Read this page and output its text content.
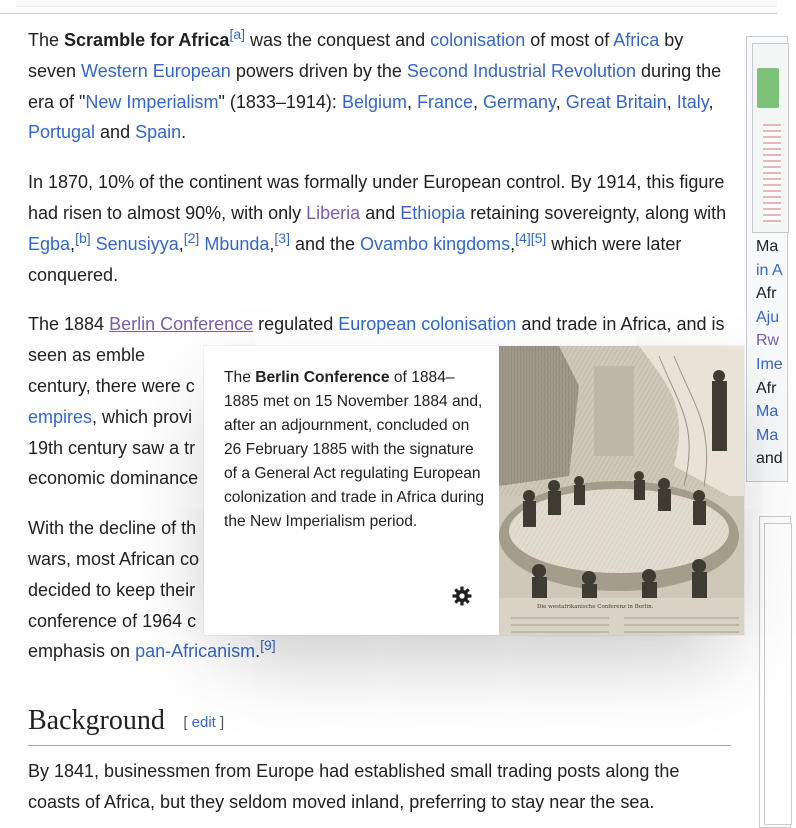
The Scramble for Africa[a] was the conquest and colonisation of most of Africa by seven Western European powers driven by the Second Industrial Revolution during the era of "New Imperialism" (1833–1914): Belgium, France, Germany, Great Britain, Italy, Portugal and Spain.

In 1870, 10% of the continent was formally under European control. By 1914, this figure had risen to almost 90%, with only Liberia and Ethiopia retaining sovereignty, along with Egba,[b] Senusiyya,[2] Mbunda,[3] and the Ovambo kingdoms,[4][5] which were later conquered.

The 1884 Berlin Conference regulated European colonisation and trade in Africa, and is seen as emble
century, there were c
empires, which provi
19th century saw a tr
economic dominance

With the decline of th
wars, most African co
decided to keep their
conference of 1964 c
emphasis on pan-Africanism.[9]

Background [ edit ]
By 1841, businessmen from Europe had established small trading posts along the coasts of Africa, but they seldom moved inland, preferring to stay near the sea.
Ma
in A
Afr
Aju
Rw
Ime
Afr
Ma
Ma
and
The Berlin Conference of 1884–1885 met on 15 November 1884 and, after an adjournment, concluded on 26 February 1885 with the signature of a General Act regulating European colonization and trade in Africa during the New Imperialism period.
Die westafrikanische Conferenz in Berlin.
